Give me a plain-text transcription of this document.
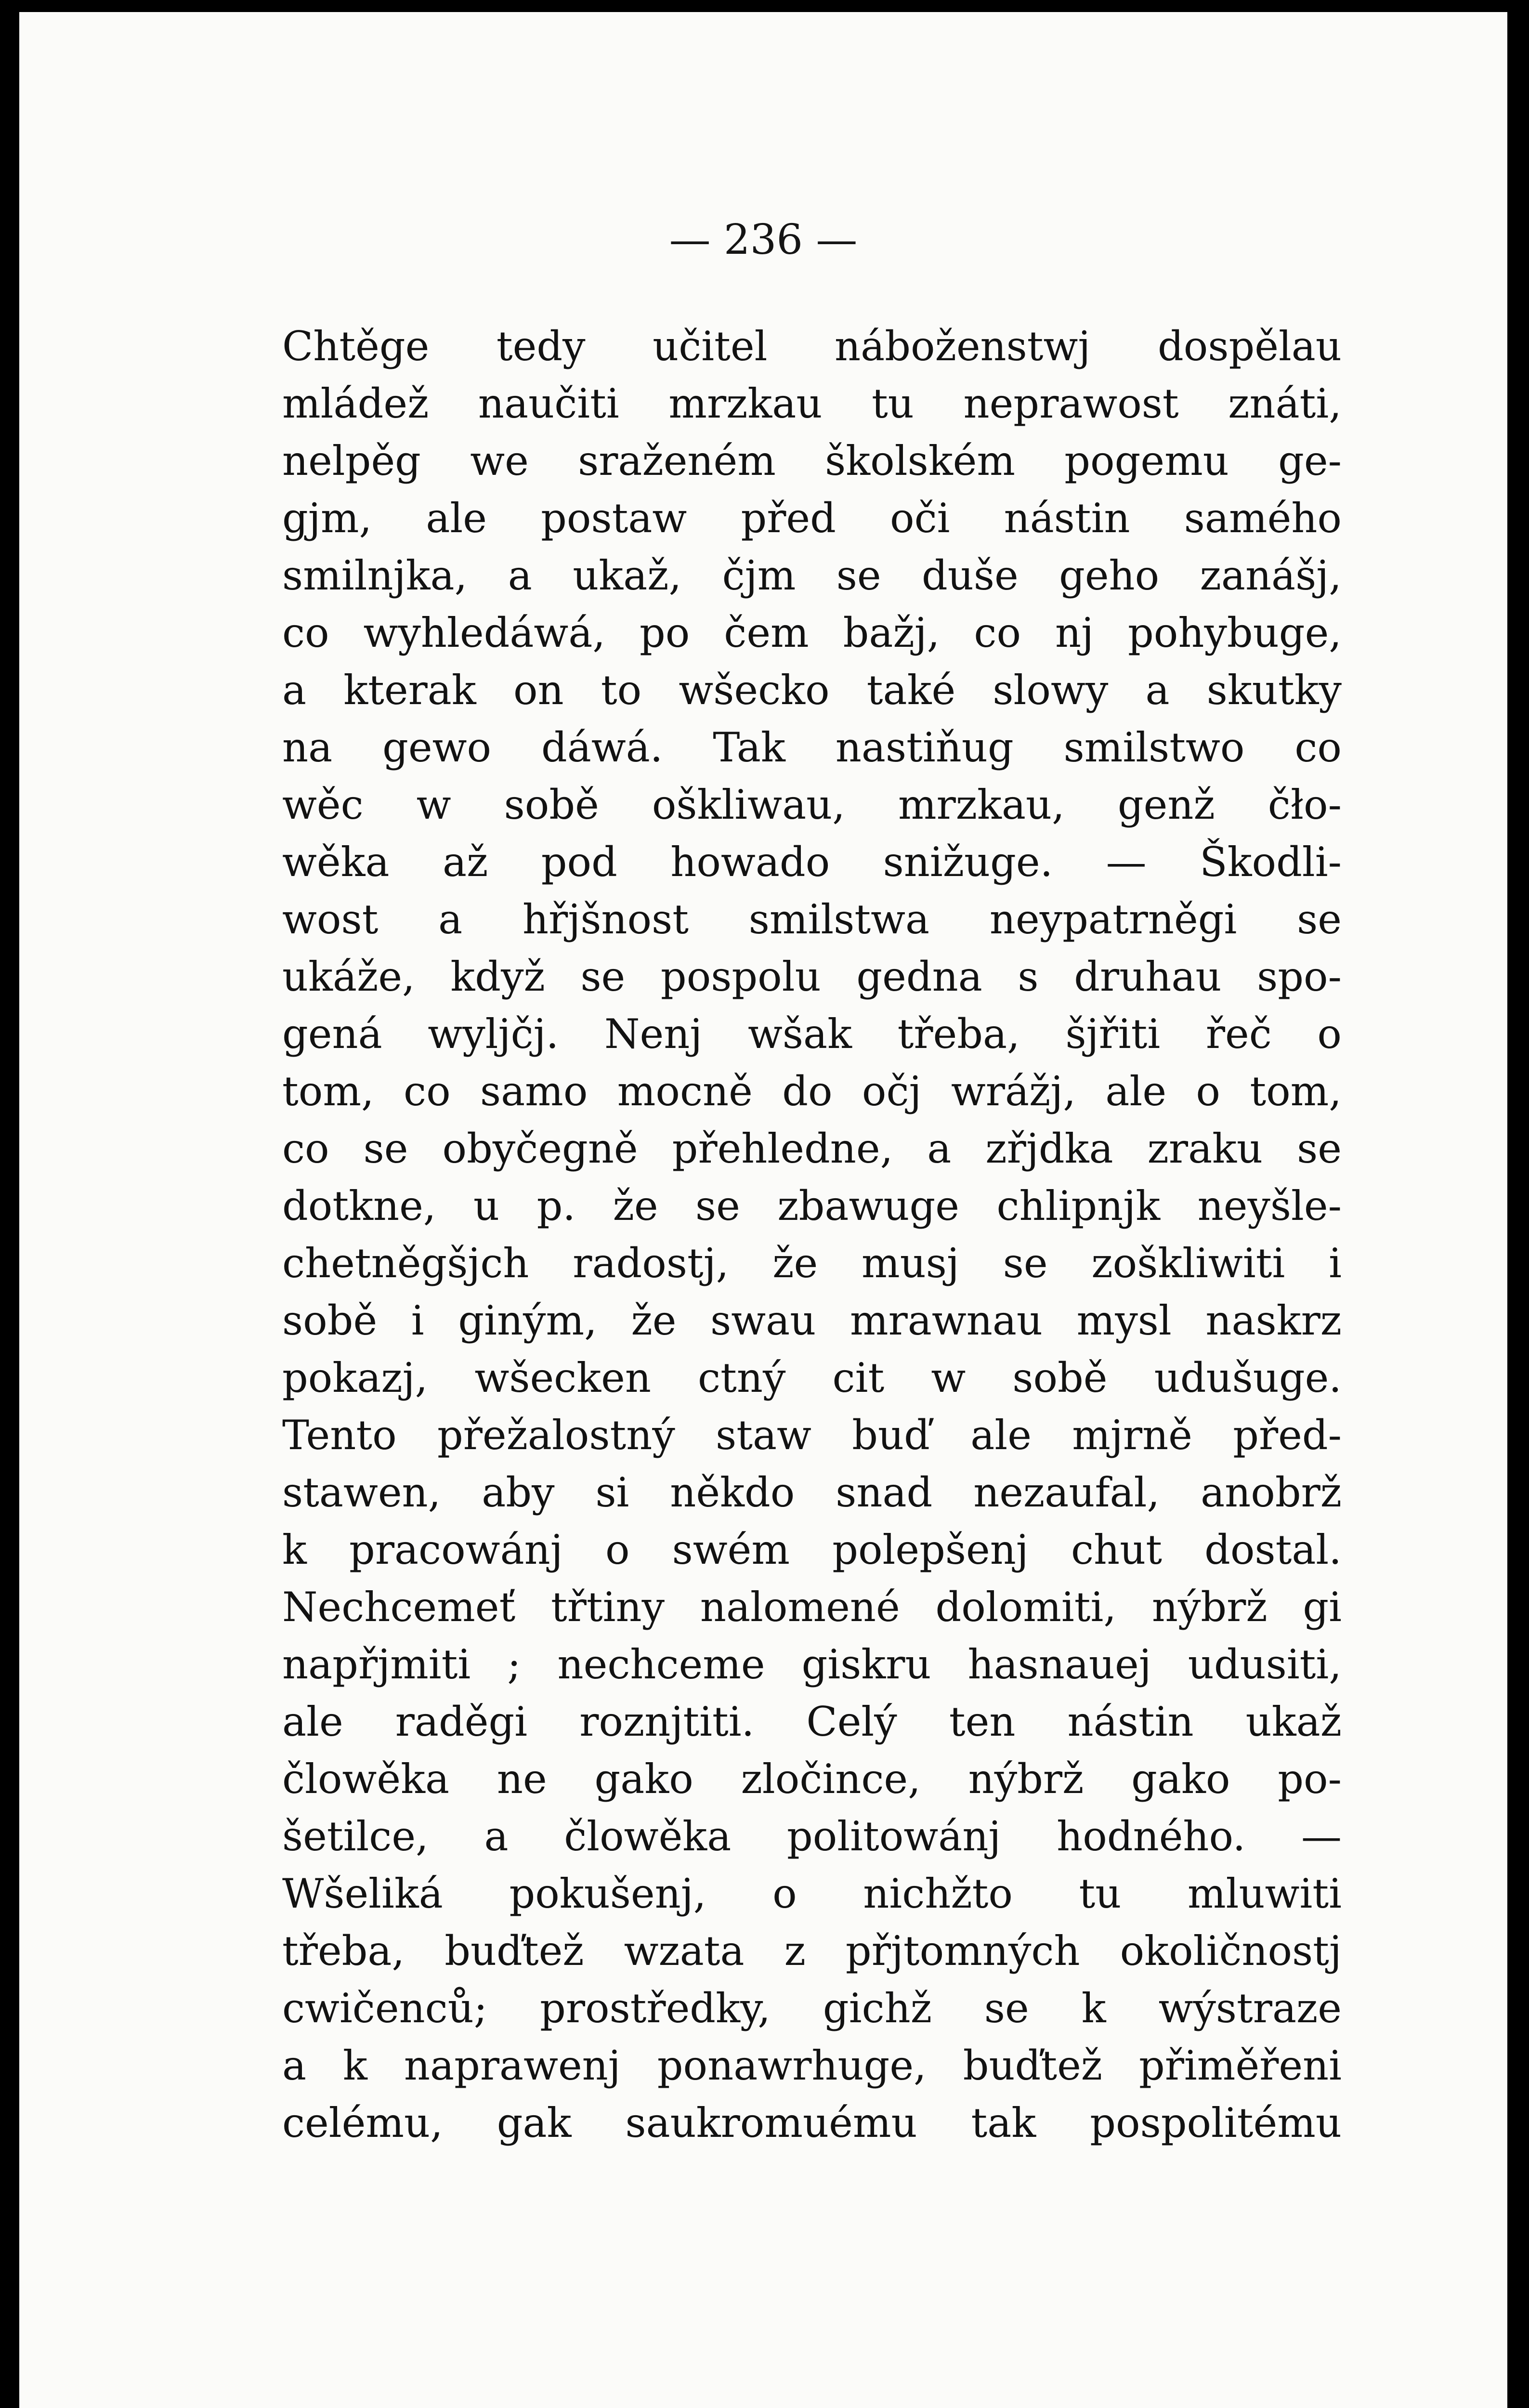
— 236 —
Chtěge tedy učitel náboženstwj dospělau
mládež naučiti mrzkau tu neprawost znáti,
nelpěg we sraženém školském pogemu ge-
gjm, ale postaw před oči nástin samého
smilnjka, a ukaž, čjm se duše geho zanášj,
co wyhledáwá, po čem bažj, co nj pohybuge,
a kterak on to wšecko také slowy a skutky
na gewo dáwá. Tak nastiňug smilstwo co
wěc w sobě oškliwau, mrzkau, genž čło-
wěka až pod howado snižuge. — Škodli-
wost a hřjšnost smilstwa neypatrněgi se
ukáže, když se pospolu gedna s druhau spo-
gená wyljčj. Nenj wšak třeba, šjřiti řeč o
tom, co samo mocně do očj wrážj, ale o tom,
co se obyčegně přehledne, a zřjdka zraku se
dotkne, u p. že se zbawuge chlipnjk neyšle-
chetněgšjch radostj, že musj se zoškliwiti i
sobě i giným, že swau mrawnau mysl naskrz
pokazj, wšecken ctný cit w sobě udušuge.
Tento přežalostný staw buď ale mjrně před-
stawen, aby si někdo snad nezaufal, anobrž
k pracowánj o swém polepšenj chut dostal.
Nechcemeť třtiny nalomené dolomiti, nýbrž gi
napřjmiti ; nechceme giskru hasnauej udusiti,
ale raděgi roznjtiti. Celý ten nástin ukaž
člowěka ne gako zločince, nýbrž gako po-
šetilce, a člowěka politowánj hodného. —
Wšeliká pokušenj, o nichžto tu mluwiti
třeba, buďtež wzata z přjtomných okoličnostj
cwičenců; prostředky, gichž se k wýstraze
a k naprawenj ponawrhuge, buďtež přiměřeni
celému, gak saukromuému tak pospolitému
